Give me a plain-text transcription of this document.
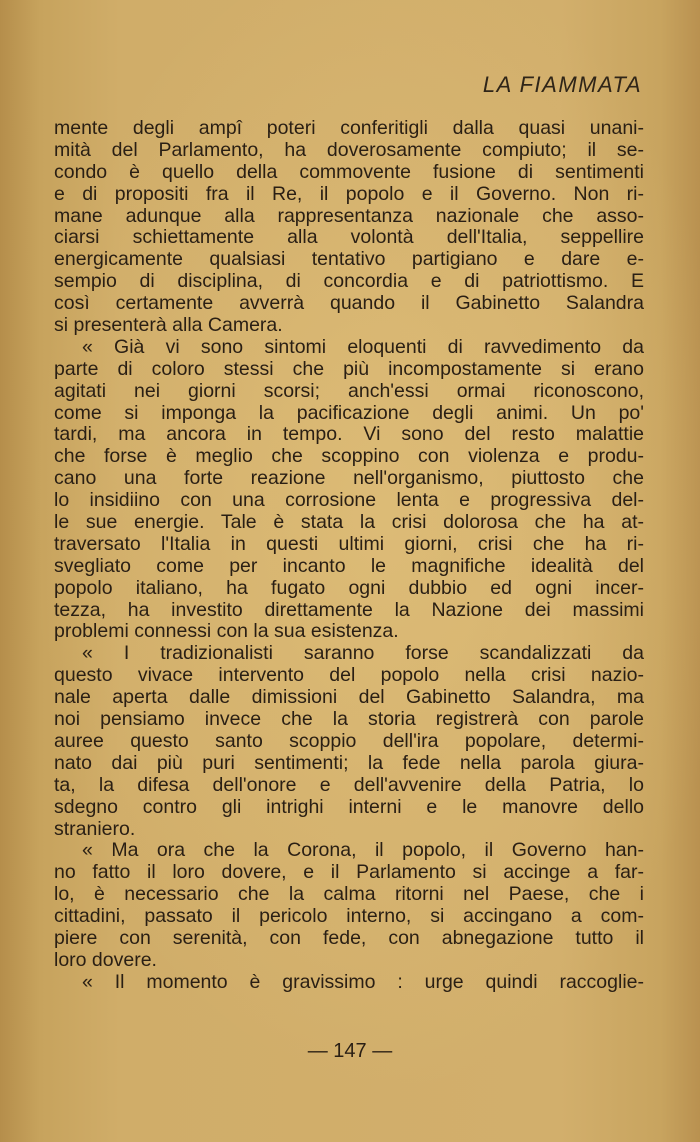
LA FIAMMATA
mente degli ampî poteri conferitigli dalla quasi unani-
mità del Parlamento, ha doverosamente compiuto; il se-
condo è quello della commovente fusione di sentimenti
e di propositi fra il Re, il popolo e il Governo. Non ri-
mane adunque alla rappresentanza nazionale che asso-
ciarsi schiettamente alla volontà dell'Italia, seppellire
energicamente qualsiasi tentativo partigiano e dare e-
sempio di disciplina, di concordia e di patriottismo. E
così certamente avverrà quando il Gabinetto Salandra
si presenterà alla Camera.
« Già vi sono sintomi eloquenti di ravvedimento da
parte di coloro stessi che più incompostamente si erano
agitati nei giorni scorsi; anch'essi ormai riconoscono,
come si imponga la pacificazione degli animi. Un po'
tardi, ma ancora in tempo. Vi sono del resto malattie
che forse è meglio che scoppino con violenza e produ-
cano una forte reazione nell'organismo, piuttosto che
lo insidiino con una corrosione lenta e progressiva del-
le sue energie. Tale è stata la crisi dolorosa che ha at-
traversato l'Italia in questi ultimi giorni, crisi che ha ri-
svegliato come per incanto le magnifiche idealità del
popolo italiano, ha fugato ogni dubbio ed ogni incer-
tezza, ha investito direttamente la Nazione dei massimi
problemi connessi con la sua esistenza.
« I tradizionalisti saranno forse scandalizzati da
questo vivace intervento del popolo nella crisi nazio-
nale aperta dalle dimissioni del Gabinetto Salandra, ma
noi pensiamo invece che la storia registrerà con parole
auree questo santo scoppio dell'ira popolare, determi-
nato dai più puri sentimenti; la fede nella parola giura-
ta, la difesa dell'onore e dell'avvenire della Patria, lo
sdegno contro gli intrighi interni e le manovre dello
straniero.
« Ma ora che la Corona, il popolo, il Governo han-
no fatto il loro dovere, e il Parlamento si accinge a far-
lo, è necessario che la calma ritorni nel Paese, che i
cittadini, passato il pericolo interno, si accingano a com-
piere con serenità, con fede, con abnegazione tutto il
loro dovere.
« Il momento è gravissimo : urge quindi raccoglie-
— 147 —
